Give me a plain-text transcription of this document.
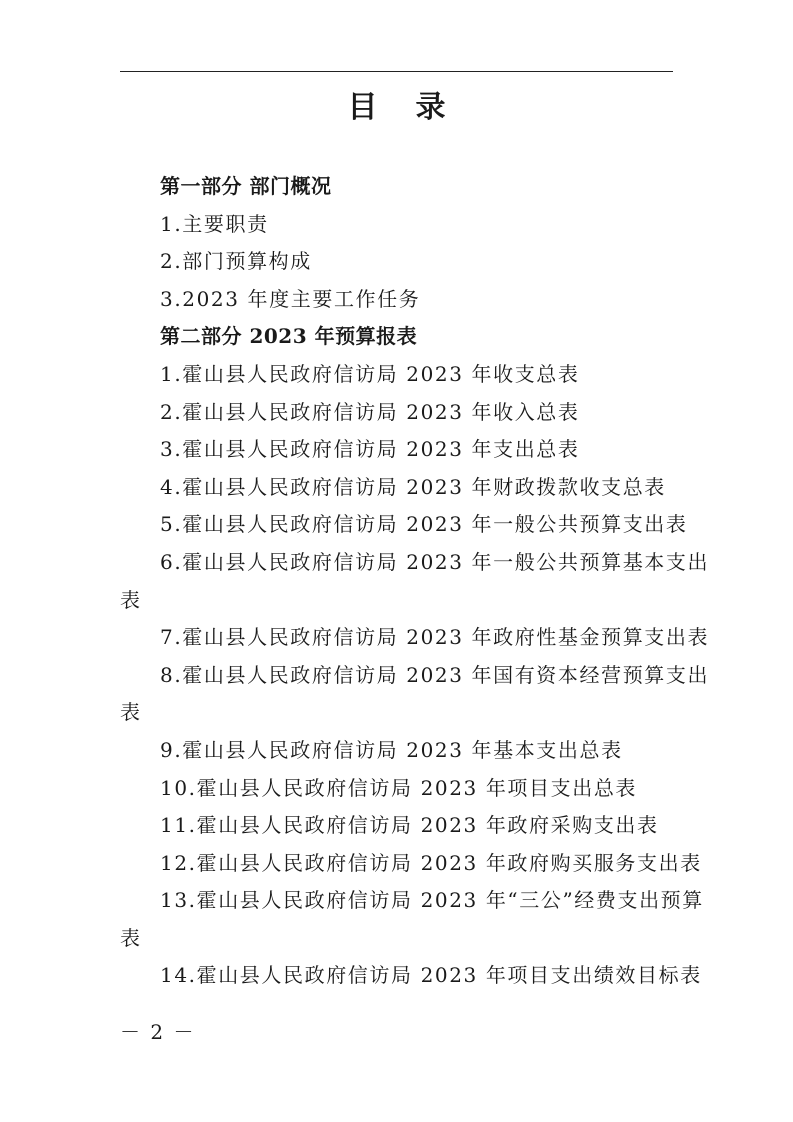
目录
第一部分 部门概况
1.主要职责
2.部门预算构成
3.2023 年度主要工作任务
第二部分 2023 年预算报表
1.霍山县人民政府信访局 2023 年收支总表
2.霍山县人民政府信访局 2023 年收入总表
3.霍山县人民政府信访局 2023 年支出总表
4.霍山县人民政府信访局 2023 年财政拨款收支总表
5.霍山县人民政府信访局 2023 年一般公共预算支出表
6.霍山县人民政府信访局 2023 年一般公共预算基本支出
表
7.霍山县人民政府信访局 2023 年政府性基金预算支出表
8.霍山县人民政府信访局 2023 年国有资本经营预算支出
表
9.霍山县人民政府信访局 2023 年基本支出总表
10.霍山县人民政府信访局 2023 年项目支出总表
11.霍山县人民政府信访局 2023 年政府采购支出表
12.霍山县人民政府信访局 2023 年政府购买服务支出表
13.霍山县人民政府信访局 2023 年“三公”经费支出预算
表
14.霍山县人民政府信访局 2023 年项目支出绩效目标表
－ 2 －
